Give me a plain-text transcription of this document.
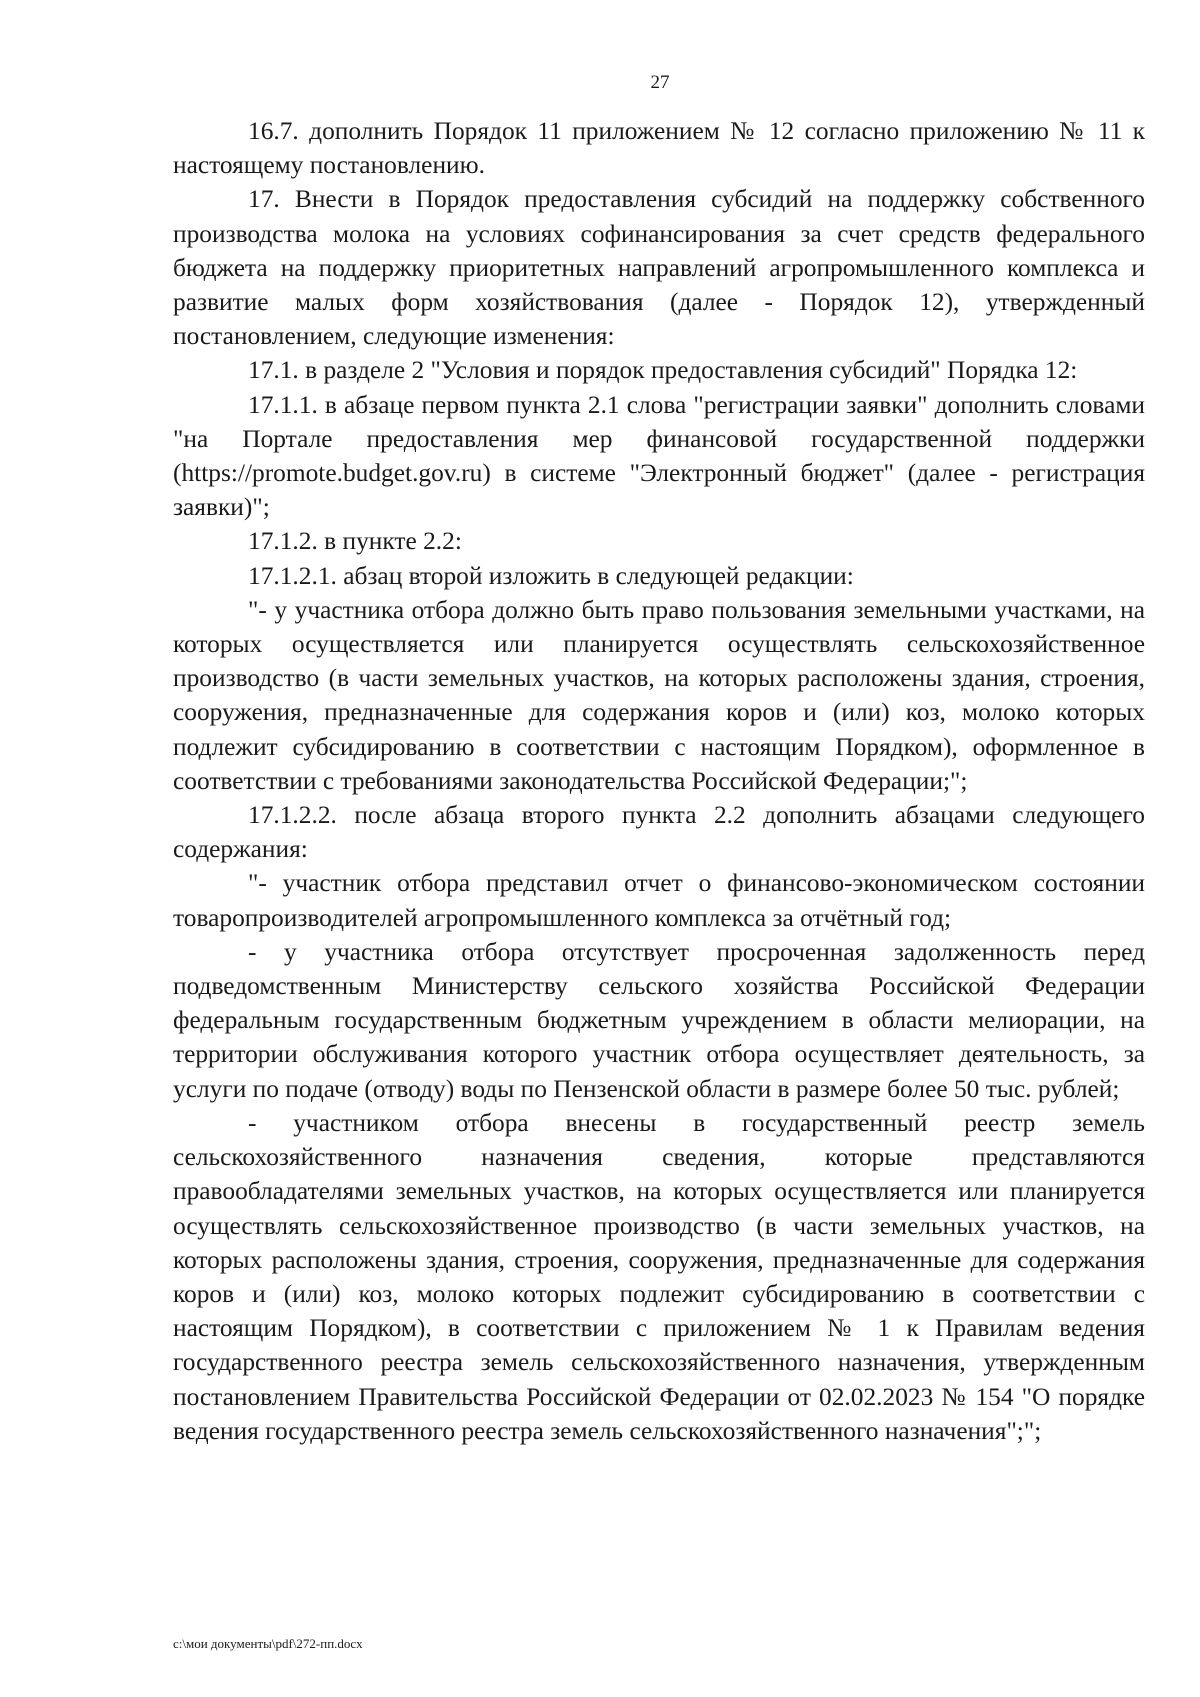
27

16.7. дополнить Порядок 11 приложением № 12 согласно приложению № 11 к настоящему постановлению.

17. Внести в Порядок предоставления субсидий на поддержку собственного производства молока на условиях софинансирования за счет средств федерального бюджета на поддержку приоритетных направлений агропромышленного комплекса и развитие малых форм хозяйствования (далее - Порядок 12), утвержденный постановлением, следующие изменения:

17.1. в разделе 2 "Условия и порядок предоставления субсидий" Порядка 12:

17.1.1. в абзаце первом пункта 2.1 слова "регистрации заявки" дополнить словами "на Портале предоставления мер финансовой государственной поддержки (https://promote.budget.gov.ru) в системе "Электронный бюджет" (далее - регистрация заявки)";

17.1.2. в пункте 2.2:

17.1.2.1. абзац второй изложить в следующей редакции:

"- у участника отбора должно быть право пользования земельными участками, на которых осуществляется или планируется осуществлять сельскохозяйственное производство (в части земельных участков, на которых расположены здания, строения, сооружения, предназначенные для содержания коров и (или) коз, молоко которых подлежит субсидированию в соответствии с настоящим Порядком), оформленное в соответствии с требованиями законодательства Российской Федерации;";

17.1.2.2. после абзаца второго пункта 2.2 дополнить абзацами следующего содержания:

"- участник отбора представил отчет о финансово-экономическом состоянии товаропроизводителей агропромышленного комплекса за отчётный год;

- у участника отбора отсутствует просроченная задолженность перед подведомственным Министерству сельского хозяйства Российской Федерации федеральным государственным бюджетным учреждением в области мелиорации, на территории обслуживания которого участник отбора осуществляет деятельность, за услуги по подаче (отводу) воды по Пензенской области в размере более 50 тыс. рублей;

- участником отбора внесены в государственный реестр земель сельскохозяйственного назначения сведения, которые представляются правообладателями земельных участков, на которых осуществляется или планируется осуществлять сельскохозяйственное производство (в части земельных участков, на которых расположены здания, строения, сооружения, предназначенные для содержания коров и (или) коз, молоко которых подлежит субсидированию в соответствии с настоящим Порядком), в соответствии с приложением № 1 к Правилам ведения государственного реестра земель сельскохозяйственного назначения, утвержденным постановлением Правительства Российской Федерации от 02.02.2023 № 154 "О порядке ведения государственного реестра земель сельскохозяйственного назначения";";

c:\мои документы\pdf\272-пп.docx
